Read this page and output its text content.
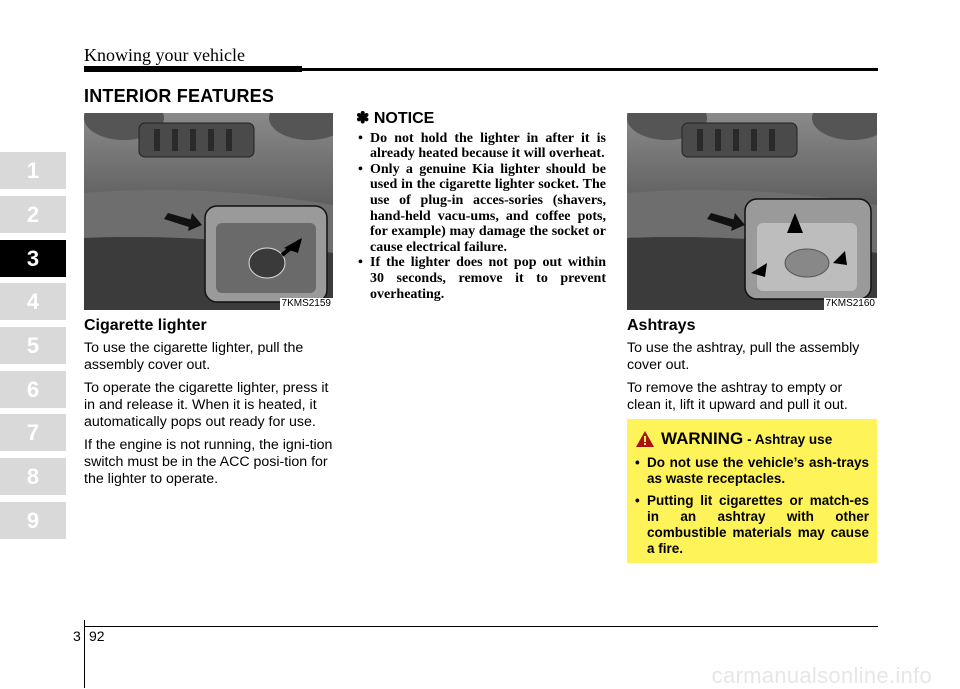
Knowing your vehicle
INTERIOR FEATURES
1
2
3
4
5
6
7
8
9
7KMS2159
Cigarette lighter

To use the cigarette lighter, pull the assembly cover out.

To operate the cigarette lighter, press it in and release it. When it is heated, it automatically pops out ready for use.

If the engine is not running, the igni-tion switch must be in the ACC posi-tion for the lighter to operate.

✽ NOTICE
• Do not hold the lighter in after it is already heated because it will overheat.
• Only a genuine Kia lighter should be used in the cigarette lighter socket. The use of plug-in acces-sories (shavers, hand-held vacu-ums, and coffee pots, for example) may damage the socket or cause electrical failure.
• If the lighter does not pop out within 30 seconds, remove it to prevent overheating.
7KMS2160
Ashtrays

To use the ashtray, pull the assembly cover out.

To remove the ashtray to empty or clean it, lift it upward and pull it out.

WARNING - Ashtray use
• Do not use the vehicle’s ash-trays as waste receptacles.
• Putting lit cigarettes or match-es in an ashtray with other combustible materials may cause a fire.
3 92
carmanualsonline.info
